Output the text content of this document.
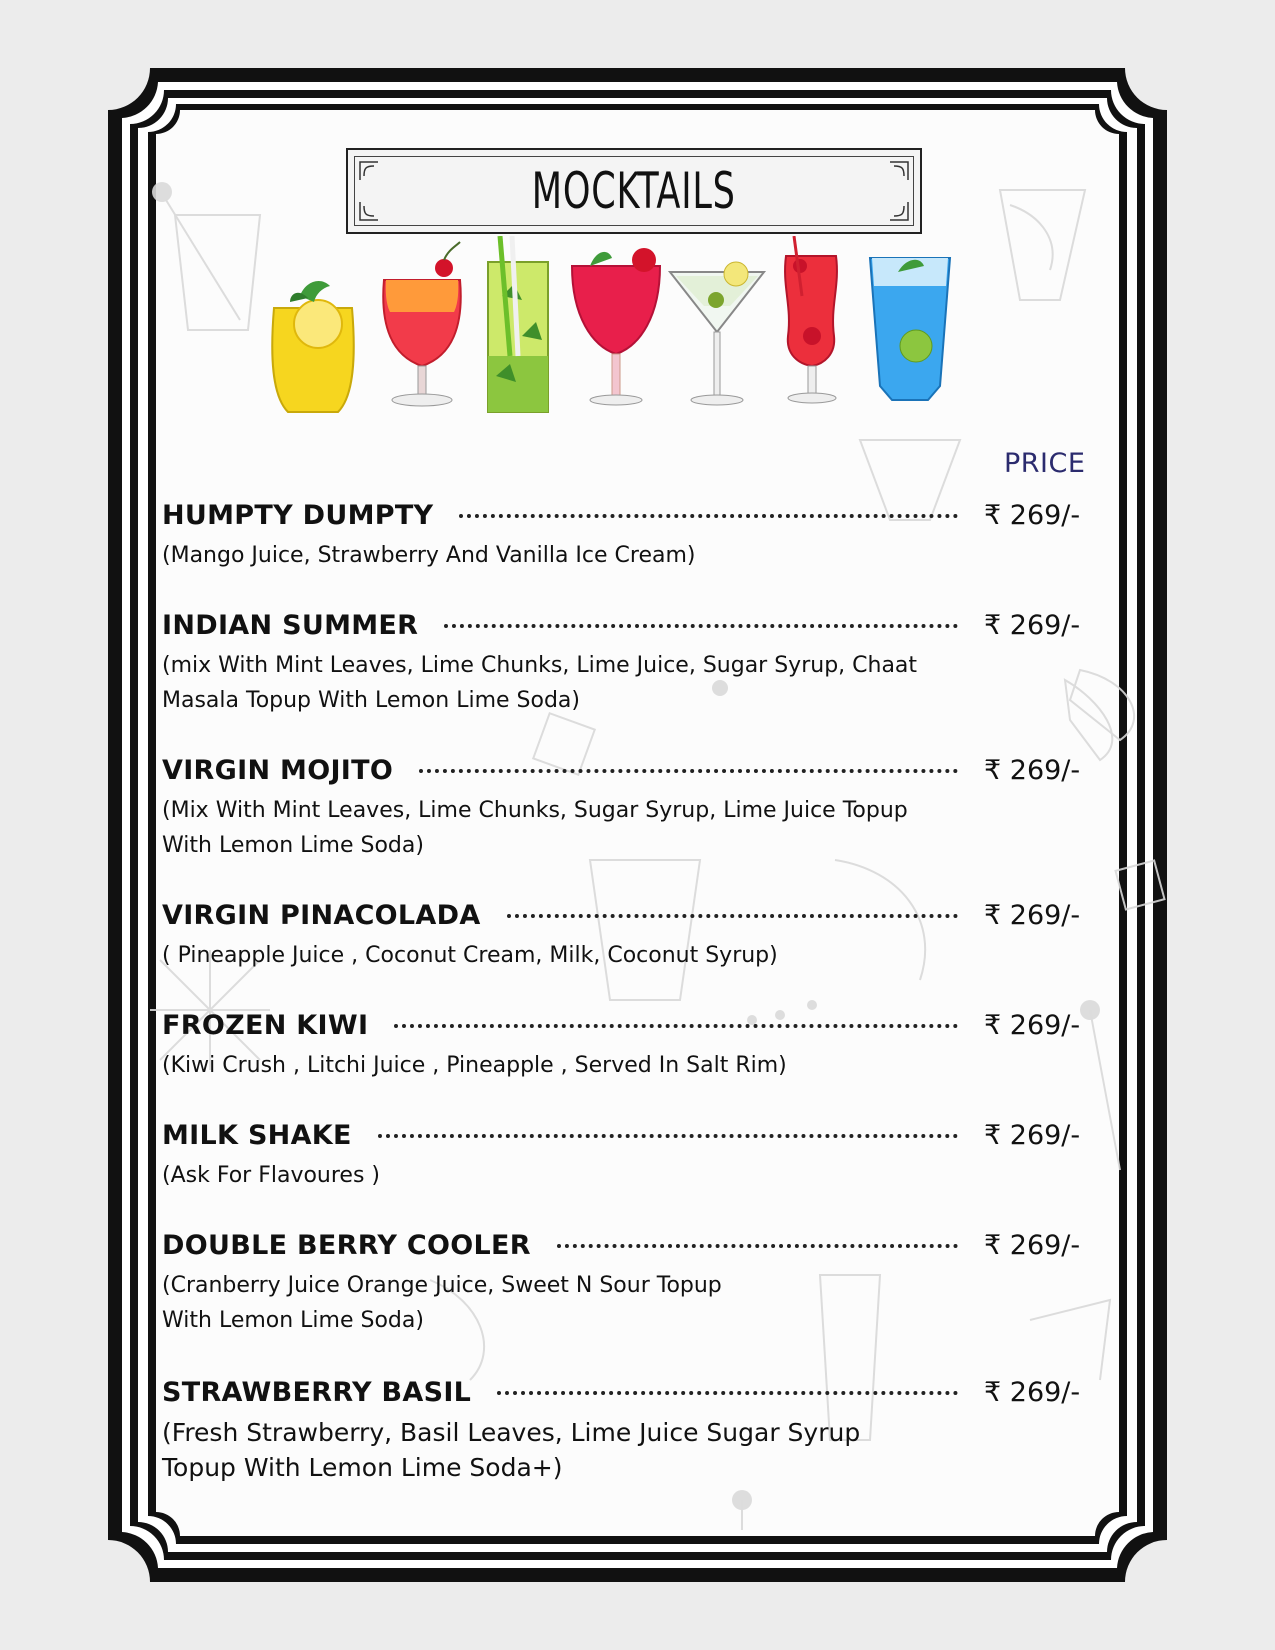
MOCKTAILS
PRICE
HUMPTY DUMPTY	₹ 269/-
(Mango Juice, Strawberry And Vanilla Ice Cream)
INDIAN SUMMER	₹ 269/-
(mix With Mint Leaves, Lime Chunks, Lime Juice, Sugar Syrup, Chaat
Masala Topup With Lemon Lime Soda)
VIRGIN MOJITO	₹ 269/-
(Mix With Mint Leaves, Lime Chunks, Sugar Syrup, Lime Juice Topup
With Lemon Lime Soda)
VIRGIN PINACOLADA	₹ 269/-
( Pineapple Juice , Coconut Cream, Milk, Coconut Syrup)
FROZEN KIWI	₹ 269/-
(Kiwi Crush , Litchi Juice , Pineapple , Served In Salt Rim)
MILK SHAKE	₹ 269/-
(Ask For Flavoures )
DOUBLE BERRY COOLER	₹ 269/-
(Cranberry Juice Orange Juice, Sweet N Sour Topup
With Lemon Lime Soda)
STRAWBERRY BASIL	₹ 269/-
(Fresh Strawberry, Basil Leaves, Lime Juice Sugar Syrup
Topup With Lemon Lime Soda+)
